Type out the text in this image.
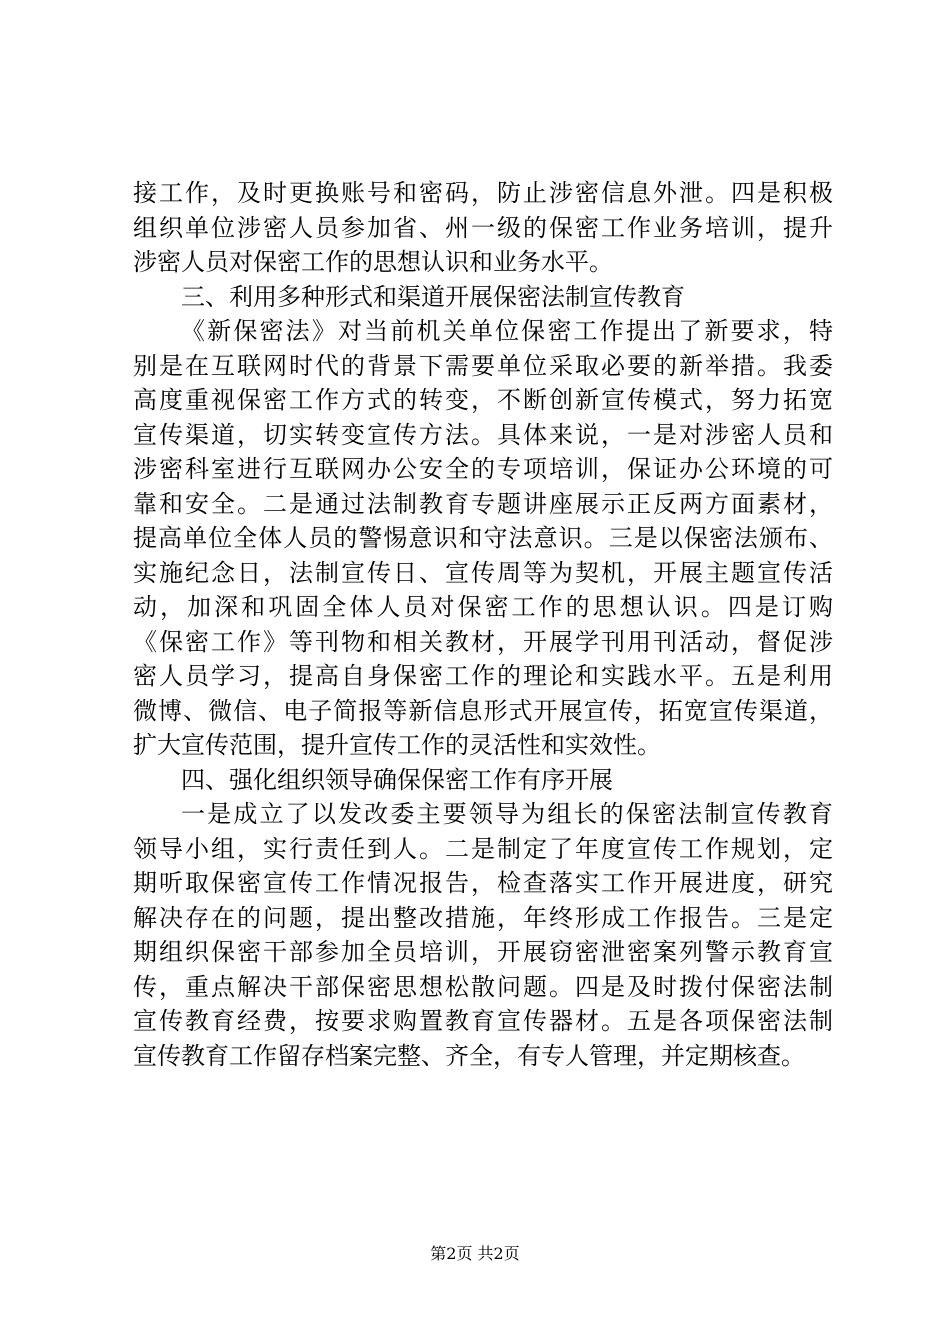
接工作，及时更换账号和密码，防止涉密信息外泄。四是积极
组织单位涉密人员参加省、州一级的保密工作业务培训，提升
涉密人员对保密工作的思想认识和业务水平。
三、利用多种形式和渠道开展保密法制宣传教育
《新保密法》对当前机关单位保密工作提出了新要求，特
别是在互联网时代的背景下需要单位采取必要的新举措。我委
高度重视保密工作方式的转变，不断创新宣传模式，努力拓宽
宣传渠道，切实转变宣传方法。具体来说，一是对涉密人员和
涉密科室进行互联网办公安全的专项培训，保证办公环境的可
靠和安全。二是通过法制教育专题讲座展示正反两方面素材，
提高单位全体人员的警惕意识和守法意识。三是以保密法颁布、
实施纪念日，法制宣传日、宣传周等为契机，开展主题宣传活
动，加深和巩固全体人员对保密工作的思想认识。四是订购
《保密工作》等刊物和相关教材，开展学刊用刊活动，督促涉
密人员学习，提高自身保密工作的理论和实践水平。五是利用
微博、微信、电子简报等新信息形式开展宣传，拓宽宣传渠道，
扩大宣传范围，提升宣传工作的灵活性和实效性。
四、强化组织领导确保保密工作有序开展
一是成立了以发改委主要领导为组长的保密法制宣传教育
领导小组，实行责任到人。二是制定了年度宣传工作规划，定
期听取保密宣传工作情况报告，检查落实工作开展进度，研究
解决存在的问题，提出整改措施，年终形成工作报告。三是定
期组织保密干部参加全员培训，开展窃密泄密案列警示教育宣
传，重点解决干部保密思想松散问题。四是及时拨付保密法制
宣传教育经费，按要求购置教育宣传器材。五是各项保密法制
宣传教育工作留存档案完整、齐全，有专人管理，并定期核查。
第2页 共2页
